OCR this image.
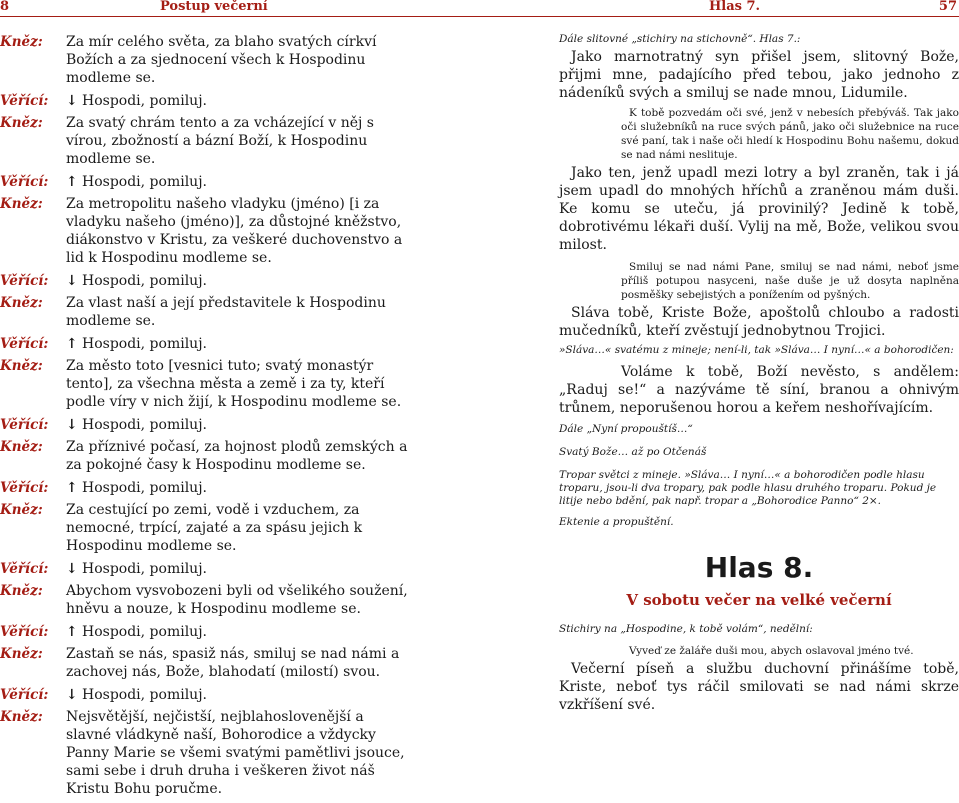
8	Postup večerní	Hlas 7.	57
Kněz: Za mír celého světa, za blaho svatých církví Božích a za sjednocení všech k Hospodinu modleme se.
Věřící: ↓ Hospodi, pomiluj.
Kněz: Za svatý chrám tento a za vcházející v něj s vírou, zbožností a bázní Boží, k Hospodinu modleme se.
Věřící: ↑ Hospodi, pomiluj.
Kněz: Za metropolitu našeho vladyku (jméno) [i za vladyku našeho (jméno)], za důstojné kněžstvo, diákonstvo v Kristu, za veškeré duchovenstvo a lid k Hospodinu modleme se.
Věřící: ↓ Hospodi, pomiluj.
Kněz: Za vlast naší a její představitele k Hospodinu modleme se.
Věřící: ↑ Hospodi, pomiluj.
Kněz: Za město toto [vesnici tuto; svatý monastýr tento], za všechna města a země i za ty, kteří podle víry v nich žijí, k Hospodinu modleme se.
Věřící: ↓ Hospodi, pomiluj.
Kněz: Za příznivé počasí, za hojnost plodů zemských a za pokojné časy k Hospodinu modleme se.
Věřící: ↑ Hospodi, pomiluj.
Kněz: Za cestující po zemi, vodě i vzduchem, za nemocné, trpící, zajaté a za spásu jejich k Hospodinu modleme se.
Věřící: ↓ Hospodi, pomiluj.
Kněz: Abychom vysvobozeni byli od všelikého soužení, hněvu a nouze, k Hospodinu modleme se.
Věřící: ↑ Hospodi, pomiluj.
Kněz: Zastaň se nás, spasiž nás, smiluj se nad námi a zachovej nás, Bože, blahodatí (milostí) svou.
Věřící: ↓ Hospodi, pomiluj.
Kněz: Nejsvětější, nejčistší, nejblahoslovenější a slavné vládkyně naší, Bohorodice a vždycky Panny Marie se všemi svatými pamětlivi jsouce, sami sebe i druh druha i veškeren život náš Kristu Bohu poručme.
Dále slitovné „stichiry na stichovně“. Hlas 7.:
Jako marnotratný syn přišel jsem, slitovný Bože, přijmi mne, padajícího před tebou, jako jednoho z nádeníků svých a smiluj se nade mnou, Lidumile.
K tobě pozvedám oči své, jenž v nebesích přebýváš. Tak jako oči služebníků na ruce svých pánů, jako oči služebnice na ruce své paní, tak i naše oči hledí k Hospodinu Bohu našemu, dokud se nad námi neslituje.
Jako ten, jenž upadl mezi lotry a byl zraněn, tak i já jsem upadl do mnohých hříchů a zraněnou mám duši. Ke komu se uteču, já provinilý? Jedině k tobě, dobrotivému lékaři duší. Vylij na mě, Bože, velikou svou milost.
Smiluj se nad námi Pane, smiluj se nad námi, neboť jsme příliš potupou nasyceni, naše duše je už dosyta naplněna posměšky sebejistých a ponížením od pyšných.
Sláva tobě, Kriste Bože, apoštolů chloubo a radosti mučedníků, kteří zvěstují jednobytnou Trojici.
»Sláva…« svatému z mineje; není-li, tak »Sláva… I nyní…« a bohorodičen:
Voláme k tobě, Boží nevěsto, s andělem: „Raduj se!“ a nazýváme tě síní, branou a ohnivým trůnem, neporušenou horou a keřem neshořívajícím.
Dále „Nyní propouštíš…“
Svatý Bože… až po Otčenáš
Tropar světci z mineje. »Sláva… I nyní…« a bohorodičen podle hlasu troparu, jsou-li dva tropary, pak podle hlasu druhého troparu. Pokud je litije nebo bdění, pak např. tropar a „Bohorodice Panno“ 2×.
Ektenie a propuštění.
Hlas 8.
V sobotu večer na velké večerní
Stichiry na „Hospodine, k tobě volám“, nedělní:
Vyveď ze žaláře duši mou, abych oslavoval jméno tvé.
Večerní píseň a službu duchovní přinášíme tobě, Kriste, neboť tys ráčil smilovati se nad námi skrze vzkříšení své.
